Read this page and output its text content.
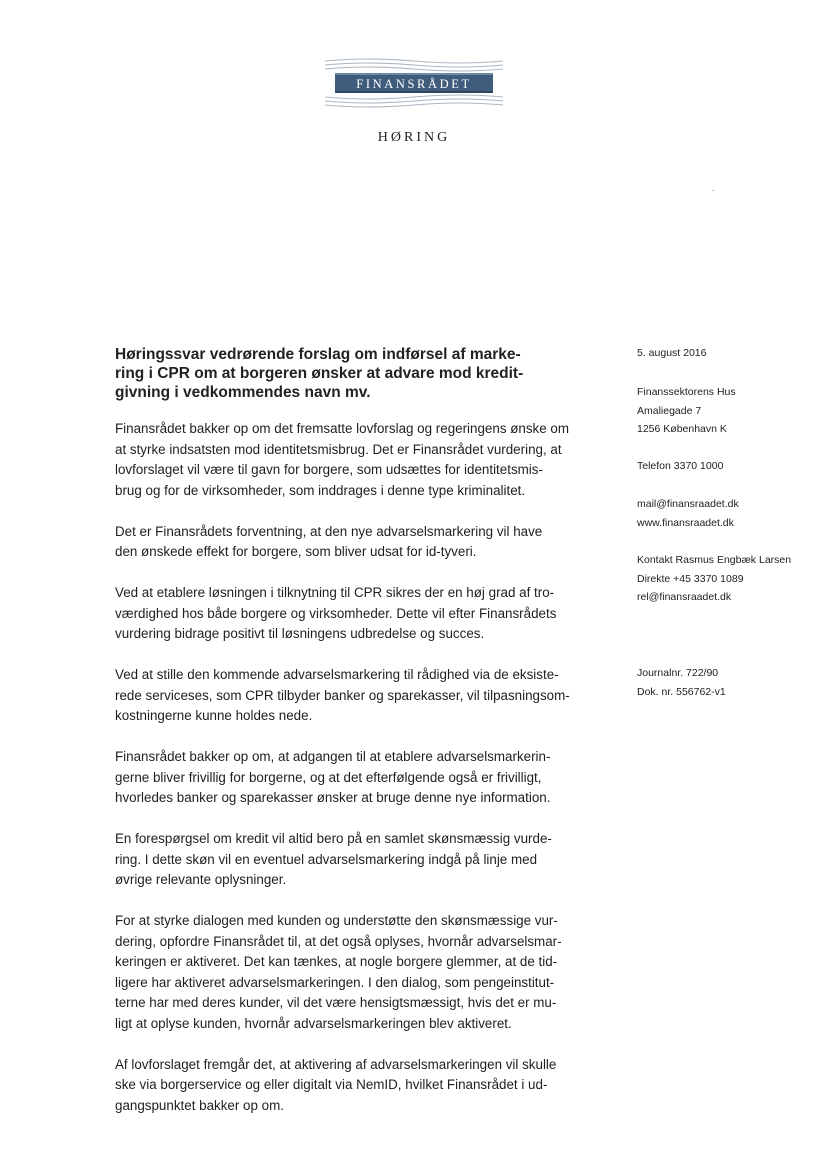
FINANSRÅDET
HØRING
Høringssvar vedrørende forslag om indførsel af marke-
ring i CPR om at borgeren ønsker at advare mod kredit-
givning i vedkommendes navn mv.
Finansrådet bakker op om det fremsatte lovforslag og regeringens ønske om
at styrke indsatsten mod identitetsmisbrug. Det er Finansrådet vurdering, at
lovforslaget vil være til gavn for borgere, som udsættes for identitetsmis-
brug og for de virksomheder, som inddrages i denne type kriminalitet.
Det er Finansrådets forventning, at den nye advarselsmarkering vil have
den ønskede effekt for borgere, som bliver udsat for id-tyveri.
Ved at etablere løsningen i tilknytning til CPR sikres der en høj grad af tro-
værdighed hos både borgere og virksomheder. Dette vil efter Finansrådets
vurdering bidrage positivt til løsningens udbredelse og succes.
Ved at stille den kommende advarselsmarkering til rådighed via de eksiste-
rede serviceses, som CPR tilbyder banker og sparekasser, vil tilpasningsom-
kostningerne kunne holdes nede.
Finansrådet bakker op om, at adgangen til at etablere advarselsmarkerin-
gerne bliver frivillig for borgerne, og at det efterfølgende også er frivilligt,
hvorledes banker og sparekasser ønsker at bruge denne nye information.
En forespørgsel om kredit vil altid bero på en samlet skønsmæssig vurde-
ring. I dette skøn vil en eventuel advarselsmarkering indgå på linje med
øvrige relevante oplysninger.
For at styrke dialogen med kunden og understøtte den skønsmæssige vur-
dering, opfordre Finansrådet til, at det også oplyses, hvornår advarselsmar-
keringen er aktiveret. Det kan tænkes, at nogle borgere glemmer, at de tid-
ligere har aktiveret advarselsmarkeringen. I den dialog, som pengeinstitut-
terne har med deres kunder, vil det være hensigtsmæssigt, hvis det er mu-
ligt at oplyse kunden, hvornår advarselsmarkeringen blev aktiveret.
Af lovforslaget fremgår det, at aktivering af advarselsmarkeringen vil skulle
ske via borgerservice og eller digitalt via NemID, hvilket Finansrådet i ud-
gangspunktet bakker op om.
5. august 2016
Finanssektorens Hus
Amaliegade 7
1256 København K
Telefon 3370 1000
mail@finansraadet.dk
www.finansraadet.dk
Kontakt Rasmus Engbæk Larsen
Direkte +45 3370 1089
rel@finansraadet.dk
Journalnr. 722/90
Dok. nr. 556762-v1
